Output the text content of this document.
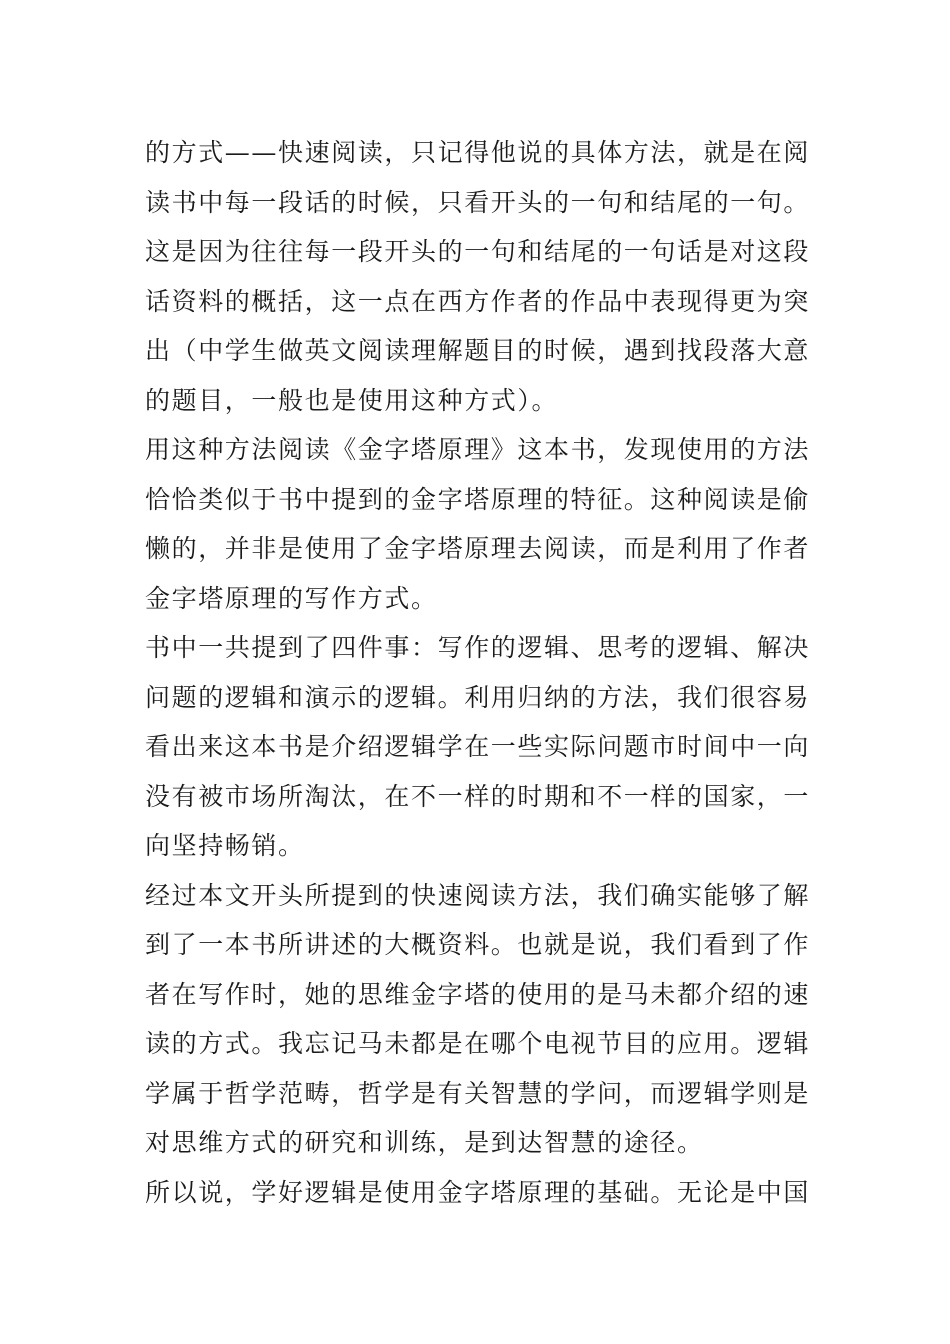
的方式——快速阅读，只记得他说的具体方法，就是在阅
读书中每一段话的时候，只看开头的一句和结尾的一句。
这是因为往往每一段开头的一句和结尾的一句话是对这段
话资料的概括，这一点在西方作者的作品中表现得更为突
出（中学生做英文阅读理解题目的时候，遇到找段落大意
的题目，一般也是使用这种方式）。
用这种方法阅读《金字塔原理》这本书，发现使用的方法
恰恰类似于书中提到的金字塔原理的特征。这种阅读是偷
懒的，并非是使用了金字塔原理去阅读，而是利用了作者
金字塔原理的写作方式。
书中一共提到了四件事：写作的逻辑、思考的逻辑、解决
问题的逻辑和演示的逻辑。利用归纳的方法，我们很容易
看出来这本书是介绍逻辑学在一些实际问题市时间中一向
没有被市场所淘汰，在不一样的时期和不一样的国家，一
向坚持畅销。
经过本文开头所提到的快速阅读方法，我们确实能够了解
到了一本书所讲述的大概资料。也就是说，我们看到了作
者在写作时，她的思维金字塔的使用的是马未都介绍的速
读的方式。我忘记马未都是在哪个电视节目的应用。逻辑
学属于哲学范畴，哲学是有关智慧的学问，而逻辑学则是
对思维方式的研究和训练，是到达智慧的途径。
所以说，学好逻辑是使用金字塔原理的基础。无论是中国
